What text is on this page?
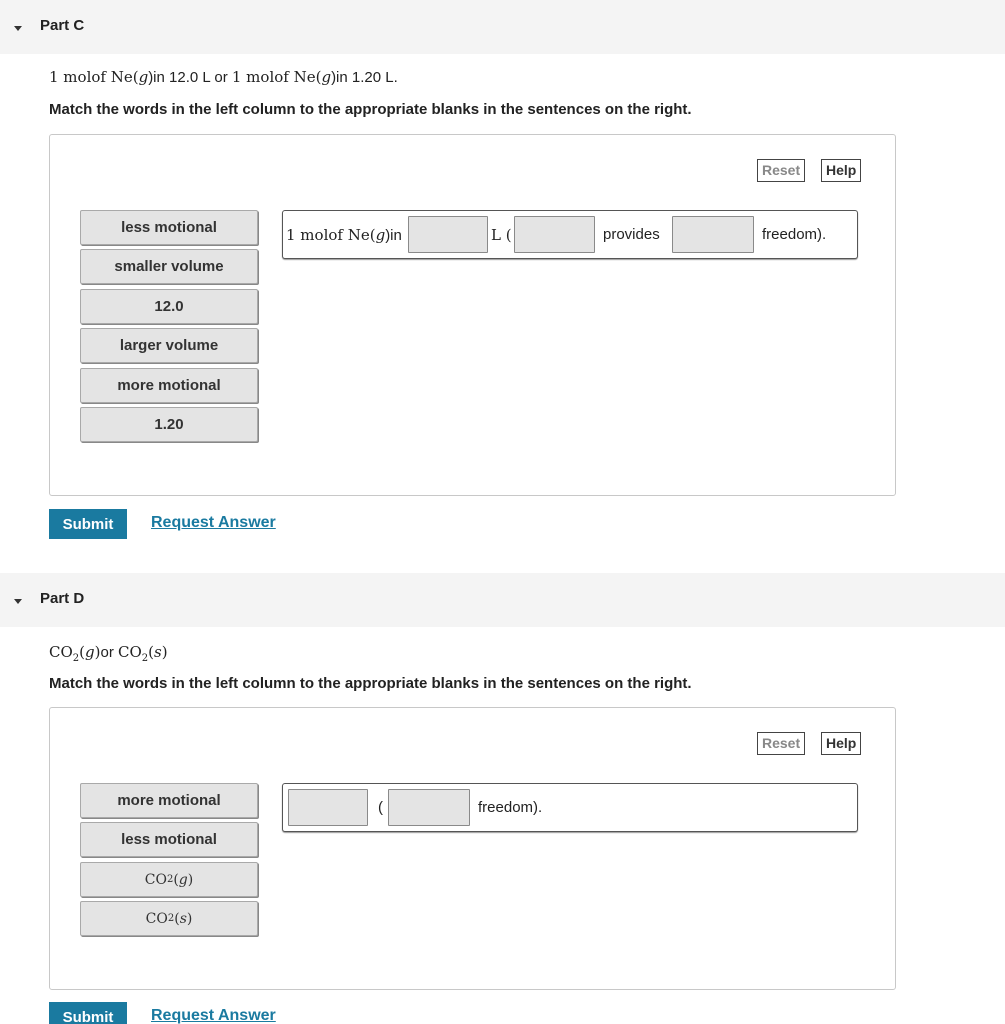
Part C
1 molof Ne(g)in 12.0 L or 1 molof Ne(g)in 1.20 L.
Match the words in the left column to the appropriate blanks in the sentences on the right.
Reset	Help
less motional
smaller volume
12.0
larger volume
more motional
1.20
1 molof Ne(g)in	L (	provides	freedom).
Submit	Request Answer
Part D
$CO_2(g)or$ $CO_2(s)$
Match the words in the left column to the appropriate blanks in the sentences on the right.
Reset	Help
more motional
less motional
CO 2 ( g )
CO 2 ( s )
(	freedom).
Submit	Request Answer
